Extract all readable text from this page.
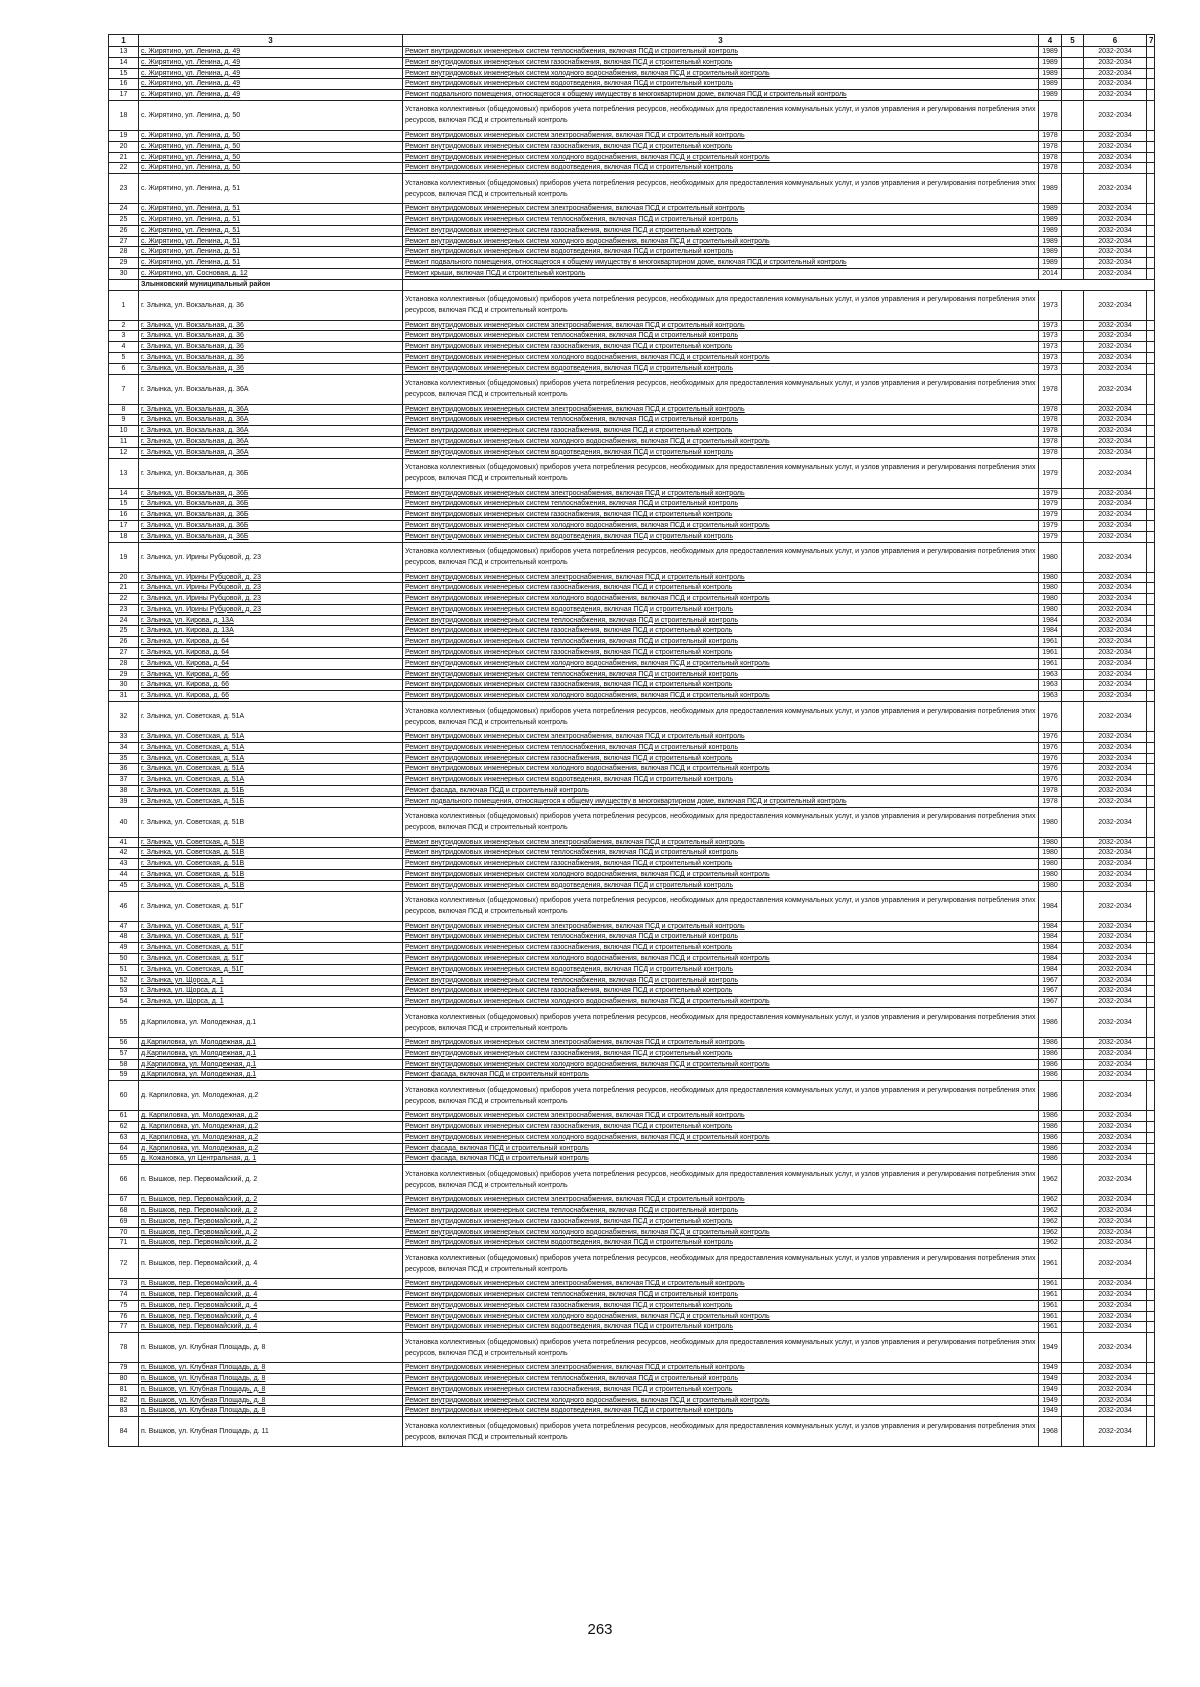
1	3	3	4	5	6	7
13	с. Жирятино, ул. Ленина, д. 49	Ремонт внутридомовых инженерных систем теплоснабжения, включая ПСД и строительный контроль	1989		2032-2034	
14	с. Жирятино, ул. Ленина, д. 49	Ремонт внутридомовых инженерных систем газоснабжения, включая ПСД и строительный контроль	1989		2032-2034	
15	с. Жирятино, ул. Ленина, д. 49	Ремонт внутридомовых инженерных систем холодного водоснабжения, включая ПСД и строительный контроль	1989		2032-2034	
16	с. Жирятино, ул. Ленина, д. 49	Ремонт внутридомовых инженерных систем водоотведения, включая ПСД и строительный контроль	1989		2032-2034	
17	с. Жирятино, ул. Ленина, д. 49	Ремонт подвального помещения, относящегося к общему имуществу в многоквартирном доме, включая ПСД и строительный контроль	1989		2032-2034	
18	с. Жирятино, ул. Ленина, д. 50	Установка коллективных (общедомовых) приборов учета потребления ресурсов, необходимых для предоставления коммунальных услуг, и узлов управления и регулирования потребления этих ресурсов, включая ПСД и строительный контроль	1978		2032-2034	
19	с. Жирятино, ул. Ленина, д. 50	Ремонт внутридомовых инженерных систем электроснабжения, включая ПСД и строительный контроль	1978		2032-2034	
20	с. Жирятино, ул. Ленина, д. 50	Ремонт внутридомовых инженерных систем газоснабжения, включая ПСД и строительный контроль	1978		2032-2034	
21	с. Жирятино, ул. Ленина, д. 50	Ремонт внутридомовых инженерных систем холодного водоснабжения, включая ПСД и строительный контроль	1978		2032-2034	
22	с. Жирятино, ул. Ленина, д. 50	Ремонт внутридомовых инженерных систем водоотведения, включая ПСД и строительный контроль	1978		2032-2034	
23	с. Жирятино, ул. Ленина, д. 51	Установка коллективных (общедомовых) приборов учета потребления ресурсов, необходимых для предоставления коммунальных услуг, и узлов управления и регулирования потребления этих ресурсов, включая ПСД и строительный контроль	1989		2032-2034	
24	с. Жирятино, ул. Ленина, д. 51	Ремонт внутридомовых инженерных систем электроснабжения, включая ПСД и строительный контроль	1989		2032-2034	
25	с. Жирятино, ул. Ленина, д. 51	Ремонт внутридомовых инженерных систем теплоснабжения, включая ПСД и строительный контроль	1989		2032-2034	
26	с. Жирятино, ул. Ленина, д. 51	Ремонт внутридомовых инженерных систем газоснабжения, включая ПСД и строительный контроль	1989		2032-2034	
27	с. Жирятино, ул. Ленина, д. 51	Ремонт внутридомовых инженерных систем холодного водоснабжения, включая ПСД и строительный контроль	1989		2032-2034	
28	с. Жирятино, ул. Ленина, д. 51	Ремонт внутридомовых инженерных систем водоотведения, включая ПСД и строительный контроль	1989		2032-2034	
29	с. Жирятино, ул. Ленина, д. 51	Ремонт подвального помещения, относящегося к общему имуществу в многоквартирном доме, включая ПСД и строительный контроль	1989		2032-2034	
30	с. Жирятино, ул. Сосновая, д. 12	Ремонт крыши, включая ПСД и строительный контроль	2014		2032-2034	
	Злынковский муниципальный район					
1	г. Злынка, ул. Вокзальная, д. 36	Установка коллективных (общедомовых) приборов учета потребления ресурсов, необходимых для предоставления коммунальных услуг, и узлов управления и регулирования потребления этих ресурсов, включая ПСД и строительный контроль	1973		2032-2034	
2	г. Злынка, ул. Вокзальная, д. 36	Ремонт внутридомовых инженерных систем электроснабжения, включая ПСД и строительный контроль	1973		2032-2034	
3	г. Злынка, ул. Вокзальная, д. 36	Ремонт внутридомовых инженерных систем теплоснабжения, включая ПСД и строительный контроль	1973		2032-2034	
4	г. Злынка, ул. Вокзальная, д. 36	Ремонт внутридомовых инженерных систем газоснабжения, включая ПСД и строительный контроль	1973		2032-2034	
5	г. Злынка, ул. Вокзальная, д. 36	Ремонт внутридомовых инженерных систем холодного водоснабжения, включая ПСД и строительный контроль	1973		2032-2034	
6	г. Злынка, ул. Вокзальная, д. 36	Ремонт внутридомовых инженерных систем водоотведения, включая ПСД и строительный контроль	1973		2032-2034	
7	г. Злынка, ул. Вокзальная, д. 36А	Установка коллективных (общедомовых) приборов учета потребления ресурсов, необходимых для предоставления коммунальных услуг, и узлов управления и регулирования потребления этих ресурсов, включая ПСД и строительный контроль	1978		2032-2034	
8	г. Злынка, ул. Вокзальная, д. 36А	Ремонт внутридомовых инженерных систем электроснабжения, включая ПСД и строительный контроль	1978		2032-2034	
9	г. Злынка, ул. Вокзальная, д. 36А	Ремонт внутридомовых инженерных систем теплоснабжения, включая ПСД и строительный контроль	1978		2032-2034	
10	г. Злынка, ул. Вокзальная, д. 36А	Ремонт внутридомовых инженерных систем газоснабжения, включая ПСД и строительный контроль	1978		2032-2034	
11	г. Злынка, ул. Вокзальная, д. 36А	Ремонт внутридомовых инженерных систем холодного водоснабжения, включая ПСД и строительный контроль	1978		2032-2034	
12	г. Злынка, ул. Вокзальная, д. 36А	Ремонт внутридомовых инженерных систем водоотведения, включая ПСД и строительный контроль	1978		2032-2034	
13	г. Злынка, ул. Вокзальная, д. 36Б	Установка коллективных (общедомовых) приборов учета потребления ресурсов, необходимых для предоставления коммунальных услуг, и узлов управления и регулирования потребления этих ресурсов, включая ПСД и строительный контроль	1979		2032-2034	
14	г. Злынка, ул. Вокзальная, д. 36Б	Ремонт внутридомовых инженерных систем электроснабжения, включая ПСД и строительный контроль	1979		2032-2034	
15	г. Злынка, ул. Вокзальная, д. 36Б	Ремонт внутридомовых инженерных систем теплоснабжения, включая ПСД и строительный контроль	1979		2032-2034	
16	г. Злынка, ул. Вокзальная, д. 36Б	Ремонт внутридомовых инженерных систем газоснабжения, включая ПСД и строительный контроль	1979		2032-2034	
17	г. Злынка, ул. Вокзальная, д. 36Б	Ремонт внутридомовых инженерных систем холодного водоснабжения, включая ПСД и строительный контроль	1979		2032-2034	
18	г. Злынка, ул. Вокзальная, д. 36Б	Ремонт внутридомовых инженерных систем водоотведения, включая ПСД и строительный контроль	1979		2032-2034	
19	г. Злынка, ул. Ирины Рубцовой, д. 23	Установка коллективных (общедомовых) приборов учета потребления ресурсов, необходимых для предоставления коммунальных услуг, и узлов управления и регулирования потребления этих ресурсов, включая ПСД и строительный контроль	1980		2032-2034	
20	г. Злынка, ул. Ирины Рубцовой, д. 23	Ремонт внутридомовых инженерных систем электроснабжения, включая ПСД и строительный контроль	1980		2032-2034	
21	г. Злынка, ул. Ирины Рубцовой, д. 23	Ремонт внутридомовых инженерных систем газоснабжения, включая ПСД и строительный контроль	1980		2032-2034	
22	г. Злынка, ул. Ирины Рубцовой, д. 23	Ремонт внутридомовых инженерных систем холодного водоснабжения, включая ПСД и строительный контроль	1980		2032-2034	
23	г. Злынка, ул. Ирины Рубцовой, д. 23	Ремонт внутридомовых инженерных систем водоотведения, включая ПСД и строительный контроль	1980		2032-2034	
24	г. Злынка, ул. Кирова, д. 13А	Ремонт внутридомовых инженерных систем теплоснабжения, включая ПСД и строительный контроль	1984		2032-2034	
25	г. Злынка, ул. Кирова, д. 13А	Ремонт внутридомовых инженерных систем газоснабжения, включая ПСД и строительный контроль	1984		2032-2034	
26	г. Злынка, ул. Кирова, д. 64	Ремонт внутридомовых инженерных систем теплоснабжения, включая ПСД и строительный контроль	1961		2032-2034	
27	г. Злынка, ул. Кирова, д. 64	Ремонт внутридомовых инженерных систем газоснабжения, включая ПСД и строительный контроль	1961		2032-2034	
28	г. Злынка, ул. Кирова, д. 64	Ремонт внутридомовых инженерных систем холодного водоснабжения, включая ПСД и строительный контроль	1961		2032-2034	
29	г. Злынка, ул. Кирова, д. 66	Ремонт внутридомовых инженерных систем теплоснабжения, включая ПСД и строительный контроль	1963		2032-2034	
30	г. Злынка, ул. Кирова, д. 66	Ремонт внутридомовых инженерных систем газоснабжения, включая ПСД и строительный контроль	1963		2032-2034	
31	г. Злынка, ул. Кирова, д. 66	Ремонт внутридомовых инженерных систем холодного водоснабжения, включая ПСД и строительный контроль	1963		2032-2034	
32	г. Злынка, ул. Советская, д. 51А	Установка коллективных (общедомовых) приборов учета потребления ресурсов, необходимых для предоставления коммунальных услуг, и узлов управления и регулирования потребления этих ресурсов, включая ПСД и строительный контроль	1976		2032-2034	
33	г. Злынка, ул. Советская, д. 51А	Ремонт внутридомовых инженерных систем электроснабжения, включая ПСД и строительный контроль	1976		2032-2034	
34	г. Злынка, ул. Советская, д. 51А	Ремонт внутридомовых инженерных систем теплоснабжения, включая ПСД и строительный контроль	1976		2032-2034	
35	г. Злынка, ул. Советская, д. 51А	Ремонт внутридомовых инженерных систем газоснабжения, включая ПСД и строительный контроль	1976		2032-2034	
36	г. Злынка, ул. Советская, д. 51А	Ремонт внутридомовых инженерных систем холодного водоснабжения, включая ПСД и строительный контроль	1976		2032-2034	
37	г. Злынка, ул. Советская, д. 51А	Ремонт внутридомовых инженерных систем водоотведения, включая ПСД и строительный контроль	1976		2032-2034	
38	г. Злынка, ул. Советская, д. 51Б	Ремонт фасада, включая ПСД и строительный контроль	1978		2032-2034	
39	г. Злынка, ул. Советская, д. 51Б	Ремонт подвального помещения, относящегося к общему имуществу в многоквартирном доме, включая ПСД и строительный контроль	1978		2032-2034	
40	г. Злынка, ул. Советская, д. 51В	Установка коллективных (общедомовых) приборов учета потребления ресурсов, необходимых для предоставления коммунальных услуг, и узлов управления и регулирования потребления этих ресурсов, включая ПСД и строительный контроль	1980		2032-2034	
41	г. Злынка, ул. Советская, д. 51В	Ремонт внутридомовых инженерных систем электроснабжения, включая ПСД и строительный контроль	1980		2032-2034	
42	г. Злынка, ул. Советская, д. 51В	Ремонт внутридомовых инженерных систем теплоснабжения, включая ПСД и строительный контроль	1980		2032-2034	
43	г. Злынка, ул. Советская, д. 51В	Ремонт внутридомовых инженерных систем газоснабжения, включая ПСД и строительный контроль	1980		2032-2034	
44	г. Злынка, ул. Советская, д. 51В	Ремонт внутридомовых инженерных систем холодного водоснабжения, включая ПСД и строительный контроль	1980		2032-2034	
45	г. Злынка, ул. Советская, д. 51В	Ремонт внутридомовых инженерных систем водоотведения, включая ПСД и строительный контроль	1980		2032-2034	
46	г. Злынка, ул. Советская, д. 51Г	Установка коллективных (общедомовых) приборов учета потребления ресурсов, необходимых для предоставления коммунальных услуг, и узлов управления и регулирования потребления этих ресурсов, включая ПСД и строительный контроль	1984		2032-2034	
47	г. Злынка, ул. Советская, д. 51Г	Ремонт внутридомовых инженерных систем электроснабжения, включая ПСД и строительный контроль	1984		2032-2034	
48	г. Злынка, ул. Советская, д. 51Г	Ремонт внутридомовых инженерных систем теплоснабжения, включая ПСД и строительный контроль	1984		2032-2034	
49	г. Злынка, ул. Советская, д. 51Г	Ремонт внутридомовых инженерных систем газоснабжения, включая ПСД и строительный контроль	1984		2032-2034	
50	г. Злынка, ул. Советская, д. 51Г	Ремонт внутридомовых инженерных систем холодного водоснабжения, включая ПСД и строительный контроль	1984		2032-2034	
51	г. Злынка, ул. Советская, д. 51Г	Ремонт внутридомовых инженерных систем водоотведения, включая ПСД и строительный контроль	1984		2032-2034	
52	г. Злынка, ул. Щорса, д. 1	Ремонт внутридомовых инженерных систем теплоснабжения, включая ПСД и строительный контроль	1967		2032-2034	
53	г. Злынка, ул. Щорса, д. 1	Ремонт внутридомовых инженерных систем газоснабжения, включая ПСД и строительный контроль	1967		2032-2034	
54	г. Злынка, ул. Щорса, д. 1	Ремонт внутридомовых инженерных систем холодного водоснабжения, включая ПСД и строительный контроль	1967		2032-2034	
55	д.Карпиловка, ул. Молодежная, д.1	Установка коллективных (общедомовых) приборов учета потребления ресурсов, необходимых для предоставления коммунальных услуг, и узлов управления и регулирования потребления этих ресурсов, включая ПСД и строительный контроль	1986		2032-2034	
56	д.Карпиловка, ул. Молодежная, д.1	Ремонт внутридомовых инженерных систем электроснабжения, включая ПСД и строительный контроль	1986		2032-2034	
57	д.Карпиловка, ул. Молодежная, д.1	Ремонт внутридомовых инженерных систем газоснабжения, включая ПСД и строительный контроль	1986		2032-2034	
58	д.Карпиловка, ул. Молодежная, д.1	Ремонт внутридомовых инженерных систем холодного водоснабжения, включая ПСД и строительный контроль	1986		2032-2034	
59	д.Карпиловка, ул. Молодежная, д.1	Ремонт фасада, включая ПСД и строительный контроль	1986		2032-2034	
60	д. Карпиловка, ул. Молодежная, д.2	Установка коллективных (общедомовых) приборов учета потребления ресурсов, необходимых для предоставления коммунальных услуг, и узлов управления и регулирования потребления этих ресурсов, включая ПСД и строительный контроль	1986		2032-2034	
61	д. Карпиловка, ул. Молодежная, д.2	Ремонт внутридомовых инженерных систем электроснабжения, включая ПСД и строительный контроль	1986		2032-2034	
62	д. Карпиловка, ул. Молодежная, д.2	Ремонт внутридомовых инженерных систем газоснабжения, включая ПСД и строительный контроль	1986		2032-2034	
63	д. Карпиловка, ул. Молодежная, д.2	Ремонт внутридомовых инженерных систем холодного водоснабжения, включая ПСД и строительный контроль	1986		2032-2034	
64	д. Карпиловка, ул. Молодежная, д.2	Ремонт фасада, включая ПСД и строительный контроль	1986		2032-2034	
65	д. Кожановка, ул Центральная, д. 1	Ремонт фасада, включая ПСД и строительный контроль	1986		2032-2034	
66	п. Вышков, пер. Первомайский, д. 2	Установка коллективных (общедомовых) приборов учета потребления ресурсов, необходимых для предоставления коммунальных услуг, и узлов управления и регулирования потребления этих ресурсов, включая ПСД и строительный контроль	1962		2032-2034	
67	п. Вышков, пер. Первомайский, д. 2	Ремонт внутридомовых инженерных систем электроснабжения, включая ПСД и строительный контроль	1962		2032-2034	
68	п. Вышков, пер. Первомайский, д. 2	Ремонт внутридомовых инженерных систем теплоснабжения, включая ПСД и строительный контроль	1962		2032-2034	
69	п. Вышков, пер. Первомайский, д. 2	Ремонт внутридомовых инженерных систем газоснабжения, включая ПСД и строительный контроль	1962		2032-2034	
70	п. Вышков, пер. Первомайский, д. 2	Ремонт внутридомовых инженерных систем холодного водоснабжения, включая ПСД и строительный контроль	1962		2032-2034	
71	п. Вышков, пер. Первомайский, д. 2	Ремонт внутридомовых инженерных систем водоотведения, включая ПСД и строительный контроль	1962		2032-2034	
72	п. Вышков, пер. Первомайский, д. 4	Установка коллективных (общедомовых) приборов учета потребления ресурсов, необходимых для предоставления коммунальных услуг, и узлов управления и регулирования потребления этих ресурсов, включая ПСД и строительный контроль	1961		2032-2034	
73	п. Вышков, пер. Первомайский, д. 4	Ремонт внутридомовых инженерных систем электроснабжения, включая ПСД и строительный контроль	1961		2032-2034	
74	п. Вышков, пер. Первомайский, д. 4	Ремонт внутридомовых инженерных систем теплоснабжения, включая ПСД и строительный контроль	1961		2032-2034	
75	п. Вышков, пер. Первомайский, д. 4	Ремонт внутридомовых инженерных систем газоснабжения, включая ПСД и строительный контроль	1961		2032-2034	
76	п. Вышков, пер. Первомайский, д. 4	Ремонт внутридомовых инженерных систем холодного водоснабжения, включая ПСД и строительный контроль	1961		2032-2034	
77	п. Вышков, пер. Первомайский, д. 4	Ремонт внутридомовых инженерных систем водоотведения, включая ПСД и строительный контроль	1961		2032-2034	
78	п. Вышков, ул. Клубная Площадь, д. 8	Установка коллективных (общедомовых) приборов учета потребления ресурсов, необходимых для предоставления коммунальных услуг, и узлов управления и регулирования потребления этих ресурсов, включая ПСД и строительный контроль	1949		2032-2034	
79	п. Вышков, ул. Клубная Площадь, д. 8	Ремонт внутридомовых инженерных систем электроснабжения, включая ПСД и строительный контроль	1949		2032-2034	
80	п. Вышков, ул. Клубная Площадь, д. 8	Ремонт внутридомовых инженерных систем теплоснабжения, включая ПСД и строительный контроль	1949		2032-2034	
81	п. Вышков, ул. Клубная Площадь, д. 8	Ремонт внутридомовых инженерных систем газоснабжения, включая ПСД и строительный контроль	1949		2032-2034	
82	п. Вышков, ул. Клубная Площадь, д. 8	Ремонт внутридомовых инженерных систем холодного водоснабжения, включая ПСД и строительный контроль	1949		2032-2034	
83	п. Вышков, ул. Клубная Площадь, д. 8	Ремонт внутридомовых инженерных систем водоотведения, включая ПСД и строительный контроль	1949		2032-2034	
84	п. Вышков, ул. Клубная Площадь, д. 11	Установка коллективных (общедомовых) приборов учета потребления ресурсов, необходимых для предоставления коммунальных услуг, и узлов управления и регулирования потребления этих ресурсов, включая ПСД и строительный контроль	1968		2032-2034	
263
